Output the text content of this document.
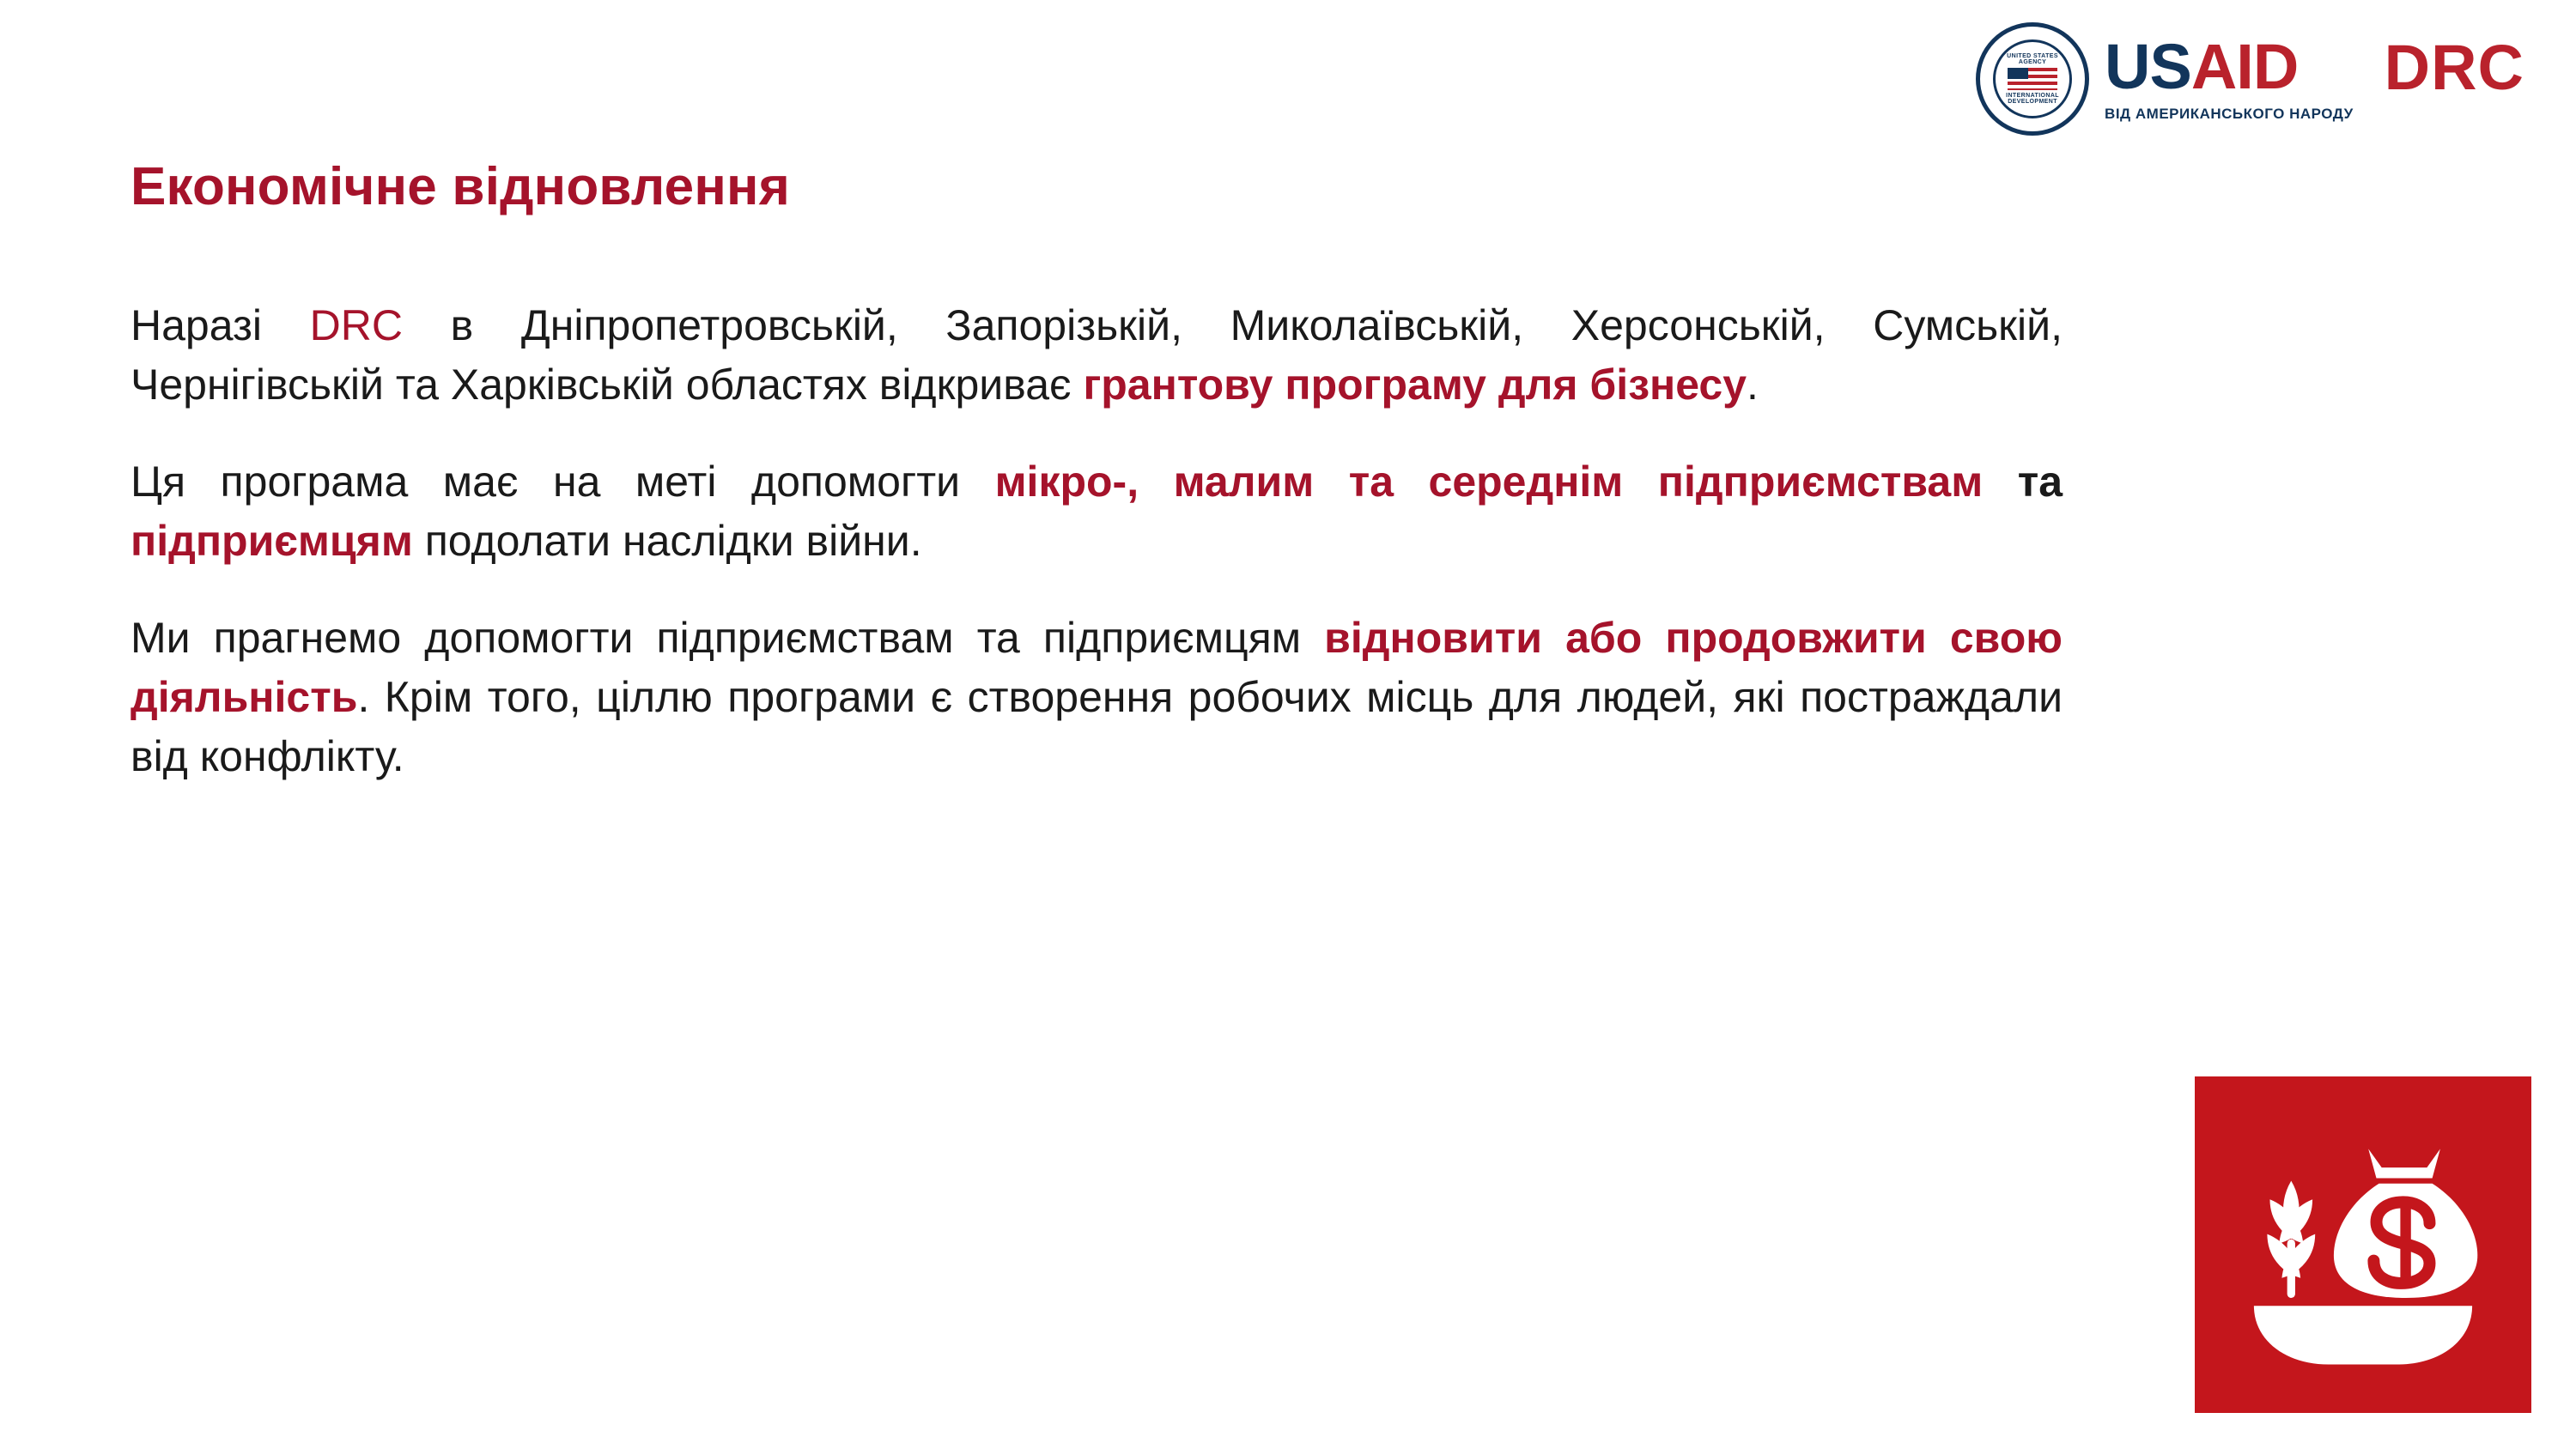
UNITED STATES AGENCY
INTERNATIONAL DEVELOPMENT US AID
ВІД АМЕРИКАНСЬКОГО НАРОДУ
DRC
Економічне відновлення

Наразі DRC в Дніпропетровській, Запорізькій, Миколаївській, Херсонській, Сумській, Чернігівській та Харківській областях відкриває грантову програму для бізнесу.

Ця програма має на меті допомогти мікро-, малим та середнім підприємствам та підприємцям подолати наслідки війни.

Ми прагнемо допомогти підприємствам та підприємцям відновити або продовжити свою діяльність. Крім того, ціллю програми є створення робочих місць для людей, які постраждали від конфлікту.
